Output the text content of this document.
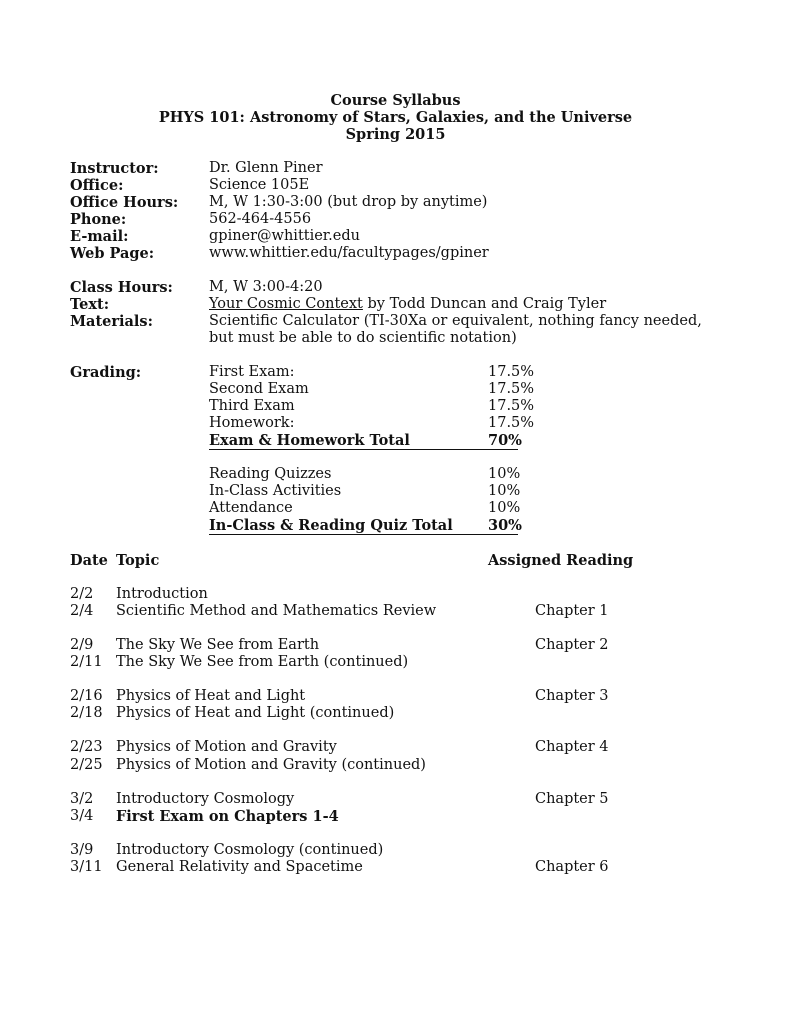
Course Syllabus
PHYS 101: Astronomy of Stars, Galaxies, and the Universe
Spring 2015
Instructor:	Dr. Glenn Piner
Office:	Science 105E
Office Hours: M, W 1:30-3:00 (but drop by anytime)
Phone:	562-464-4556
E-mail:	gpiner@whittier.edu
Web Page:	www.whittier.edu/facultypages/gpiner
Class Hours: M, W 3:00-4:20
Text:	Your Cosmic Context by Todd Duncan and Craig Tyler
Materials:	Scientific Calculator (TI-30Xa or equivalent, nothing fancy needed,
but must be able to do scientific notation)
Grading:	First Exam:	17.5%
Second Exam	17.5%
Third Exam	17.5%
Homework:	17.5%
Exam & Homework Total	70%
Reading Quizzes	10%
In-Class Activities	10%
Attendance	10%
In-Class & Reading Quiz Total 30%
Date Topic	Assigned Reading
2/2 Introduction
2/4 Scientific Method and Mathematics Review	Chapter 1
2/9 The Sky We See from Earth	Chapter 2
2/11 The Sky We See from Earth (continued)
2/16 Physics of Heat and Light	Chapter 3
2/18 Physics of Heat and Light (continued)
2/23 Physics of Motion and Gravity	Chapter 4
2/25 Physics of Motion and Gravity (continued)
3/2 Introductory Cosmology	Chapter 5
3/4 First Exam on Chapters 1-4
3/9 Introductory Cosmology (continued)
3/11 General Relativity and Spacetime	Chapter 6
